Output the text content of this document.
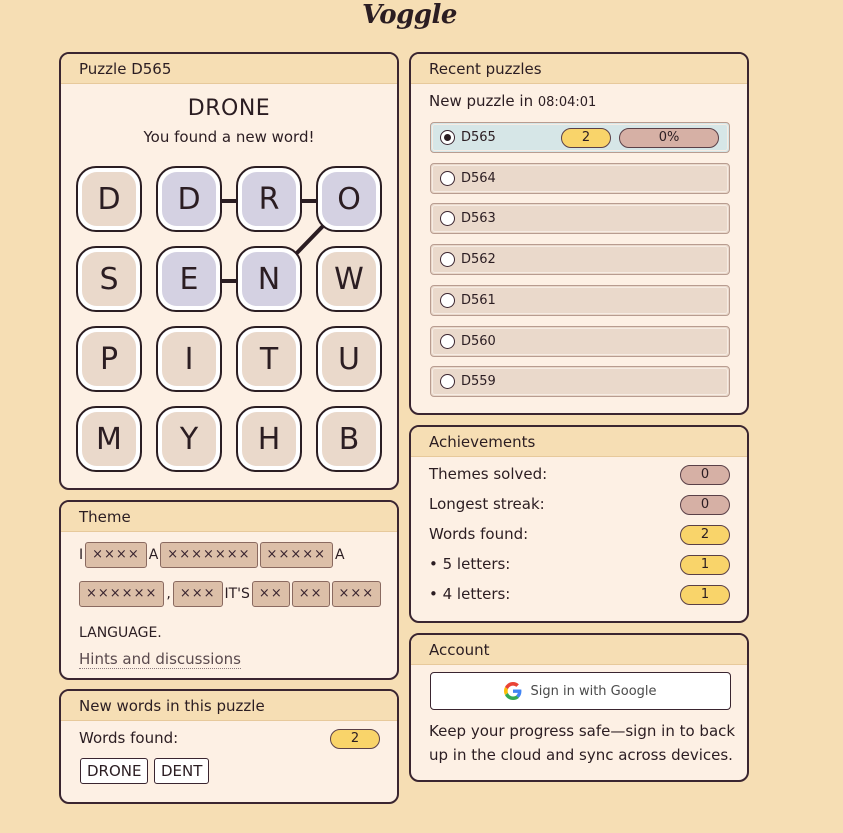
Voggle
Puzzle D565
DRONE
You found a new word!
D	D	R	O
S	E	N	W
P	I	T	U
M	Y	H	B
Theme
I ×××× A ×××××××	××××× A
×××××× , ××× IT'S ××	××	×××
LANGUAGE.
Hints and discussions
New words in this puzzle
Words found:	2
DRONE	DENT
Recent puzzles
New puzzle in 08:04:01
D565	2	0%
D564
D563
D562
D561
D560
D559
Achievements
Themes solved:	0
Longest streak:	0
Words found:	2
• 5 letters:	1
• 4 letters:	1
Account
Sign in with Google
Keep your progress safe—sign in to back up in the cloud and sync across devices.
